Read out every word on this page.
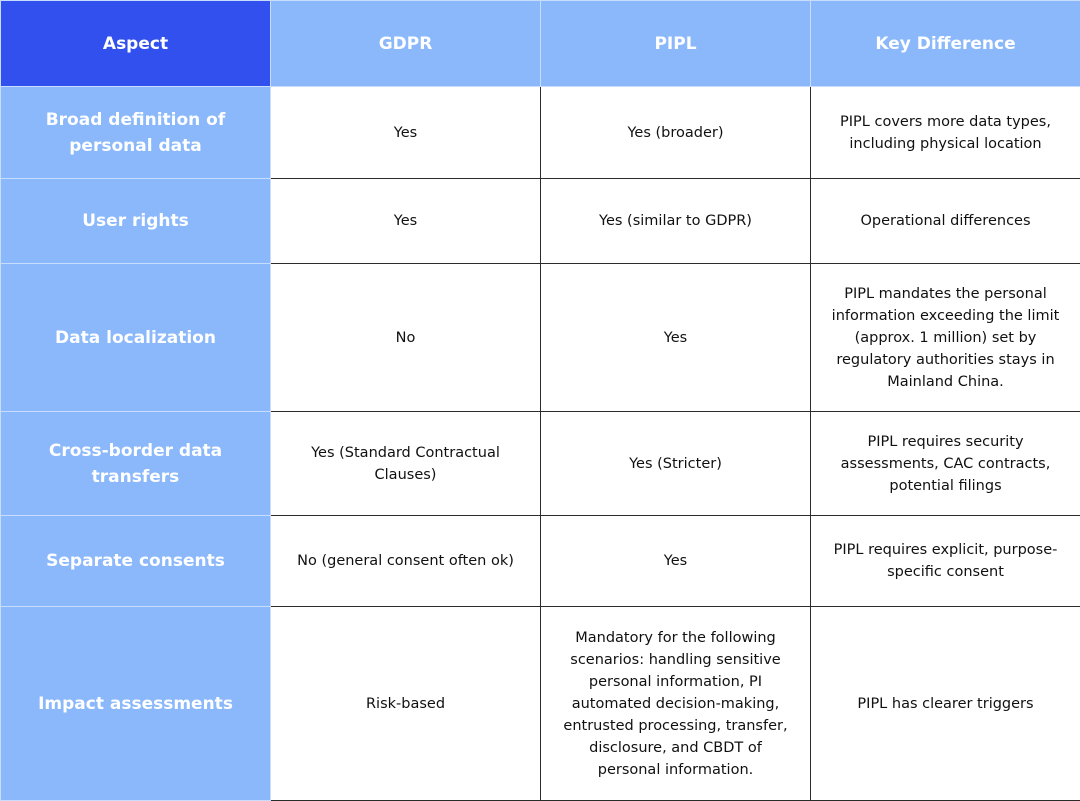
Aspect	GDPR	PIPL	Key Difference
Broad definition of personal data	Yes	Yes (broader)	PIPL covers more data types, including physical location
User rights	Yes	Yes (similar to GDPR)	Operational differences
Data localization	No	Yes	PIPL mandates the personal information exceeding the limit (approx. 1 million) set by regulatory authorities stays in Mainland China.
Cross-border data transfers	Yes (Standard Contractual Clauses)	Yes (Stricter)	PIPL requires security assessments, CAC contracts, potential filings
Separate consents	No (general consent often ok)	Yes	PIPL requires explicit, purpose-specific consent
Impact assessments	Risk-based	Mandatory for the following scenarios: handling sensitive personal information, PI automated decision-making, entrusted processing, transfer, disclosure, and CBDT of personal information.	PIPL has clearer triggers
